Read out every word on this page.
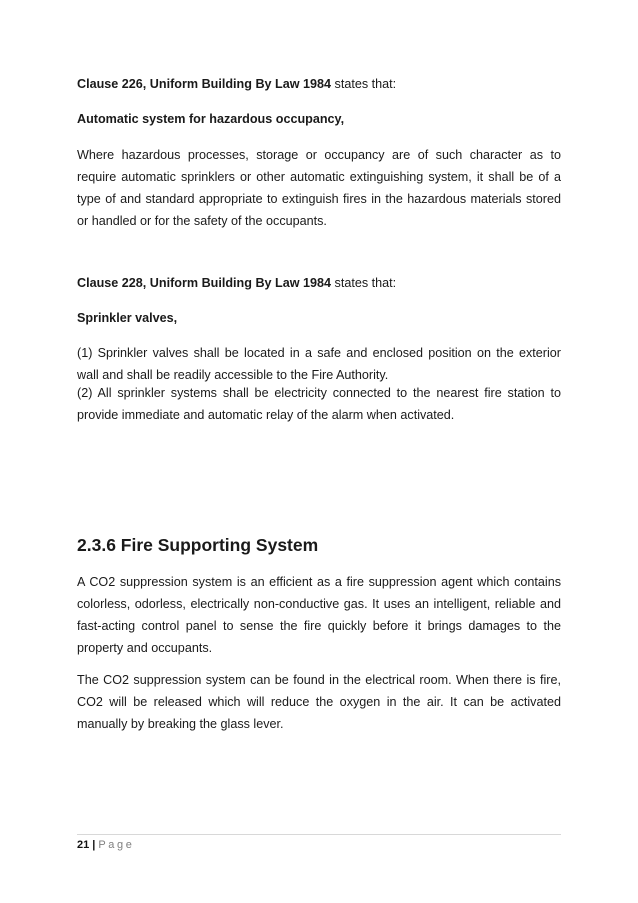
Clause 226, Uniform Building By Law 1984 states that:
Automatic system for hazardous occupancy,
Where hazardous processes, storage or occupancy are of such character as to
require automatic sprinklers or other automatic extinguishing system, it shall be of a
type of and standard appropriate to extinguish fires in the hazardous materials stored
or handled or for the safety of the occupants.
Clause 228, Uniform Building By Law 1984 states that:
Sprinkler valves,
(1) Sprinkler valves shall be located in a safe and enclosed position on the exterior
wall and shall be readily accessible to the Fire Authority.
(2) All sprinkler systems shall be electricity connected to the nearest fire station to
provide immediate and automatic relay of the alarm when activated.
2.3.6 Fire Supporting System
A CO2 suppression system is an efficient as a fire suppression agent which contains
colorless, odorless, electrically non-conductive gas. It uses an intelligent, reliable and
fast-acting control panel to sense the fire quickly before it brings damages to the
property and occupants.
The CO2 suppression system can be found in the electrical room. When there is fire,
CO2 will be released which will reduce the oxygen in the air. It can be activated
manually by breaking the glass lever.
21 | Page
